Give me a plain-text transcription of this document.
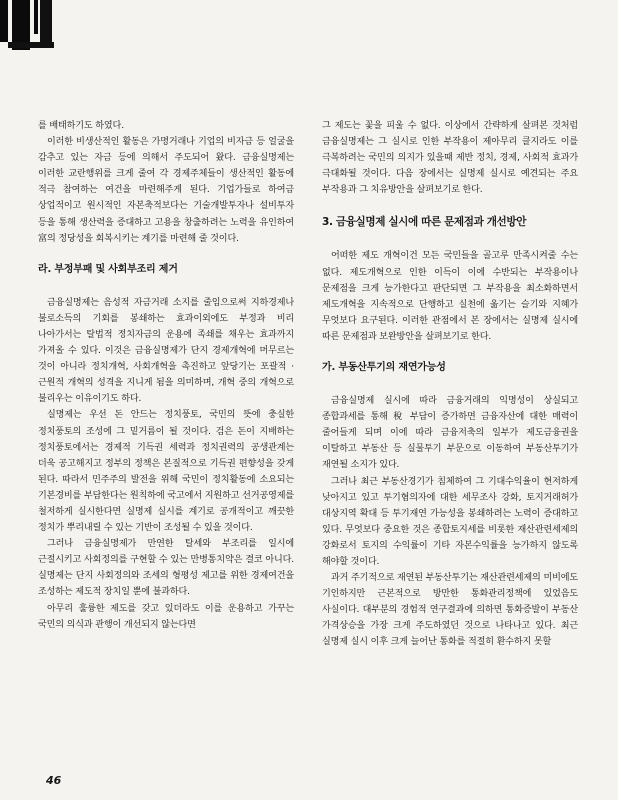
를 배태하기도 하였다.

이러한 비생산적인 활동은 가명거래나 기업의 비자금 등 얼굴을 감추고 있는 자금 등에 의해서 주도되어 왔다. 금융실명제는 이러한 교란행위를 크게 줄여 각 경제주체들이 생산적인 활동에 적극 참여하는 여건을 마련해주게 된다. 기업가들로 하여금 상업적이고 원시적인 자본축적보다는 기술개발투자나 설비투자 등을 통해 생산력을 증대하고 고용을 창출하려는 노력을 유인하여 富의 정당성을 회복시키는 계기를 마련해 줄 것이다.

라. 부정부패 및 사회부조리 제거

금융실명제는 음성적 자금거래 소지를 줄임으로써 지하경제나 불로소득의 기회를 봉쇄하는 효과이외에도 부정과 비리 나아가서는 탈법적 정치자금의 운용에 족쇄를 채우는 효과까지 가져올 수 있다. 이것은 금융실명제가 단지 경제개혁에 머무르는 것이 아니라 정치개혁, 사회개혁을 촉진하고 앞당기는 포괄적 · 근원적 개혁의 성격을 지니게 됨을 의미하며, 개혁 중의 개혁으로 불리우는 이유이기도 하다.

실명제는 우선 돈 안드는 정치풍토, 국민의 뜻에 충실한 정치풍토의 조성에 그 밑거름이 될 것이다. 검은 돈이 지배하는 정치풍토에서는 경제적 기득권 세력과 정치권력의 공생관계는 더욱 공고해지고 정부의 정책은 본질적으로 기득권 편향성을 갖게 된다. 따라서 민주주의 발전을 위해 국민이 정치활동에 소요되는 기본경비를 부담한다는 원칙하에 국고에서 지원하고 선거공영제를 철저하게 실시한다면 실명제 실시를 계기로 공개적이고 깨끗한 정치가 뿌리내릴 수 있는 기반이 조성될 수 있을 것이다.

그러나 금융실명제가 만연한 탈세와 부조리를 일시에 근절시키고 사회정의를 구현할 수 있는 만병통치약은 결코 아니다. 실명제는 단지 사회정의와 조세의 형평성 제고를 위한 경제여건을 조성하는 제도적 장치일 뿐에 불과하다.

아무리 훌륭한 제도를 갖고 있더라도 이를 운용하고 가꾸는 국민의 의식과 관행이 개선되지 않는다면

그 제도는 꽃을 피울 수 없다. 이상에서 간략하게 살펴본 것처럼 금융실명제는 그 실시로 인한 부작용이 제아무리 클지라도 이를 극복하려는 국민의 의지가 있을때 제반 정치, 경제, 사회적 효과가 극대화될 것이다. 다음 장에서는 실명제 실시로 예견되는 주요 부작용과 그 치유방안을 살펴보기로 한다.

3. 금융실명제 실시에 따른 문제점과 개선방안

어떠한 제도 개혁이건 모든 국민들을 골고루 만족시켜줄 수는 없다. 제도개혁으로 인한 이득이 이에 수반되는 부작용이나 문제점을 크게 능가한다고 판단되면 그 부작용을 최소화하면서 제도개혁을 지속적으로 단행하고 실천에 옮기는 슬기와 지혜가 무엇보다 요구된다. 이러한 관점에서 본 장에서는 실명제 실시에 따른 문제점과 보완방안을 살펴보기로 한다.

가. 부동산투기의 재연가능성

금융실명제 실시에 따라 금융거래의 익명성이 상실되고 종합과세를 통해 稅 부담이 증가하면 금융자산에 대한 매력이 줄어들게 되며 이에 따라 금융저축의 일부가 제도금융권을 이탈하고 부동산 등 실물투기 부문으로 이동하여 부동산투기가 재연될 소지가 있다.

그러나 최근 부동산경기가 침체하여 그 기대수익율이 현저하게 낮아지고 있고 투기혐의자에 대한 세무조사 강화, 토지거래허가 대상지역 확대 등 투기재연 가능성을 봉쇄하려는 노력이 증대하고 있다. 무엇보다 중요한 것은 종합토지세를 비롯한 재산관련세제의 강화로서 토지의 수익률이 기타 자본수익률을 능가하지 않도록 해야할 것이다.

과거 주기적으로 재연된 부동산투기는 재산관련세제의 미비에도 기인하지만 근본적으로 방만한 통화관리정책에 있었음도 사실이다. 대부분의 경험적 연구결과에 의하면 통화증발이 부동산 가격상승을 가장 크게 주도하였던 것으로 나타나고 있다. 최근 실명제 실시 이후 크게 늘어난 통화를 적절히 환수하지 못할

46
